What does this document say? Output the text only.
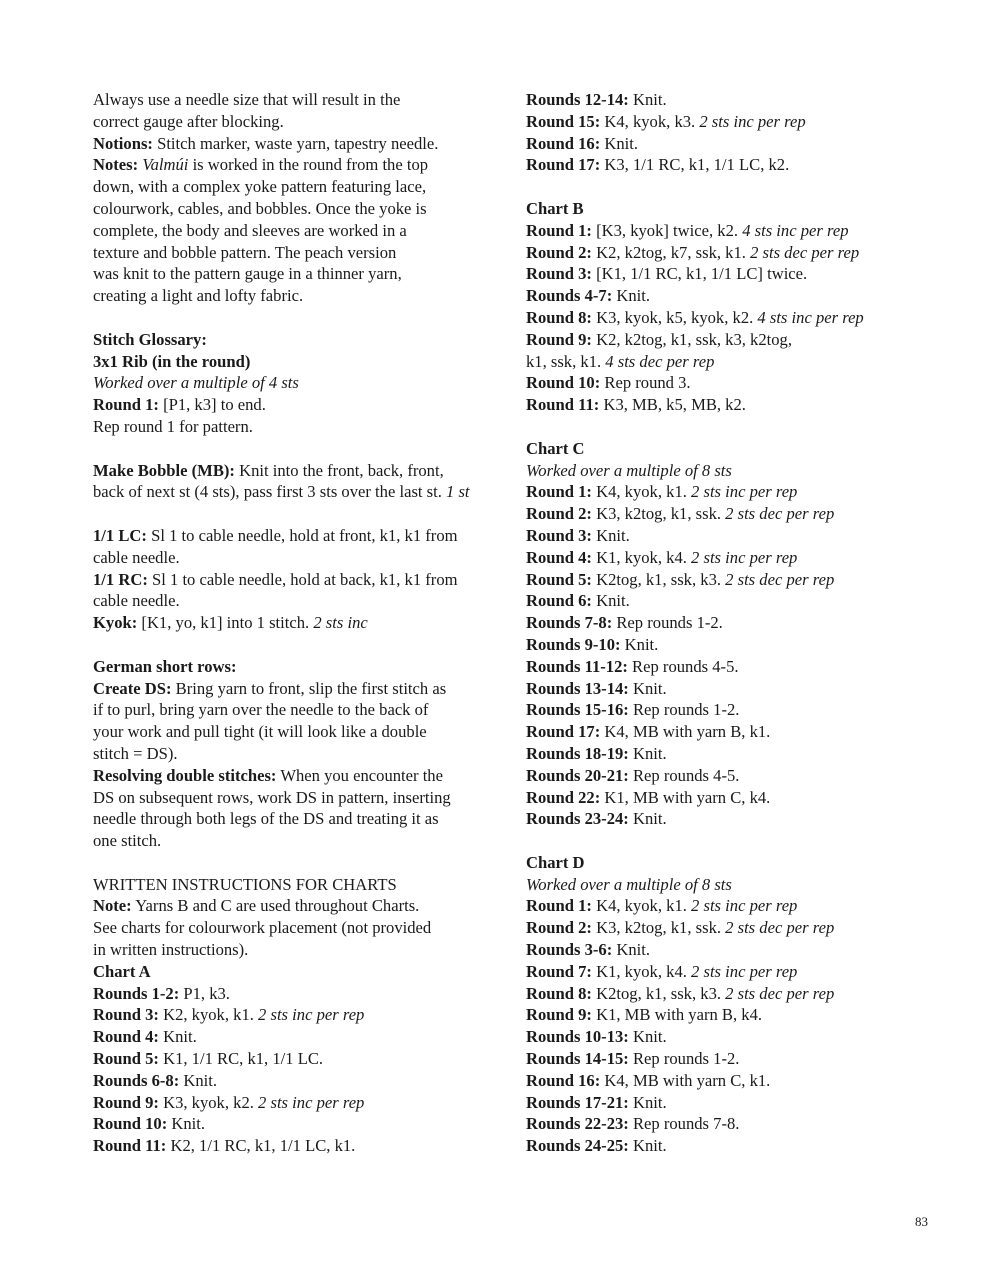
Always use a needle size that will result in the
correct gauge after blocking.
Notions: Stitch marker, waste yarn, tapestry needle.
Notes: Valmúi is worked in the round from the top
down, with a complex yoke pattern featuring lace,
colourwork, cables, and bobbles. Once the yoke is
complete, the body and sleeves are worked in a
texture and bobble pattern. The peach version
was knit to the pattern gauge in a thinner yarn,
creating a light and lofty fabric.
Stitch Glossary:
3x1 Rib (in the round)
Worked over a multiple of 4 sts
Round 1: [P1, k3] to end.
Rep round 1 for pattern.
Make Bobble (MB): Knit into the front, back, front,
back of next st (4 sts), pass first 3 sts over the last st. 1 st
1/1 LC: Sl 1 to cable needle, hold at front, k1, k1 from
cable needle.
1/1 RC: Sl 1 to cable needle, hold at back, k1, k1 from
cable needle.
Kyok: [K1, yo, k1] into 1 stitch. 2 sts inc
German short rows:
Create DS: Bring yarn to front, slip the first stitch as
if to purl, bring yarn over the needle to the back of
your work and pull tight (it will look like a double
stitch = DS).
Resolving double stitches: When you encounter the
DS on subsequent rows, work DS in pattern, inserting
needle through both legs of the DS and treating it as
one stitch.
WRITTEN INSTRUCTIONS FOR CHARTS
Note: Yarns B and C are used throughout Charts.
See charts for colourwork placement (not provided
in written instructions).
Chart A
Rounds 1-2: P1, k3.
Round 3: K2, kyok, k1. 2 sts inc per rep
Round 4: Knit.
Round 5: K1, 1/1 RC, k1, 1/1 LC.
Rounds 6-8: Knit.
Round 9: K3, kyok, k2. 2 sts inc per rep
Round 10: Knit.
Round 11: K2, 1/1 RC, k1, 1/1 LC, k1.
Rounds 12-14: Knit.
Round 15: K4, kyok, k3. 2 sts inc per rep
Round 16: Knit.
Round 17: K3, 1/1 RC, k1, 1/1 LC, k2.
Chart B
Round 1: [K3, kyok] twice, k2. 4 sts inc per rep
Round 2: K2, k2tog, k7, ssk, k1. 2 sts dec per rep
Round 3: [K1, 1/1 RC, k1, 1/1 LC] twice.
Rounds 4-7: Knit.
Round 8: K3, kyok, k5, kyok, k2. 4 sts inc per rep
Round 9: K2, k2tog, k1, ssk, k3, k2tog,
k1, ssk, k1. 4 sts dec per rep
Round 10: Rep round 3.
Round 11: K3, MB, k5, MB, k2.
Chart C
Worked over a multiple of 8 sts
Round 1: K4, kyok, k1. 2 sts inc per rep
Round 2: K3, k2tog, k1, ssk. 2 sts dec per rep
Round 3: Knit.
Round 4: K1, kyok, k4. 2 sts inc per rep
Round 5: K2tog, k1, ssk, k3. 2 sts dec per rep
Round 6: Knit.
Rounds 7-8: Rep rounds 1-2.
Rounds 9-10: Knit.
Rounds 11-12: Rep rounds 4-5.
Rounds 13-14: Knit.
Rounds 15-16: Rep rounds 1-2.
Round 17: K4, MB with yarn B, k1.
Rounds 18-19: Knit.
Rounds 20-21: Rep rounds 4-5.
Round 22: K1, MB with yarn C, k4.
Rounds 23-24: Knit.
Chart D
Worked over a multiple of 8 sts
Round 1: K4, kyok, k1. 2 sts inc per rep
Round 2: K3, k2tog, k1, ssk. 2 sts dec per rep
Rounds 3-6: Knit.
Round 7: K1, kyok, k4. 2 sts inc per rep
Round 8: K2tog, k1, ssk, k3. 2 sts dec per rep
Round 9: K1, MB with yarn B, k4.
Rounds 10-13: Knit.
Rounds 14-15: Rep rounds 1-2.
Round 16: K4, MB with yarn C, k1.
Rounds 17-21: Knit.
Rounds 22-23: Rep rounds 7-8.
Rounds 24-25: Knit.
83
